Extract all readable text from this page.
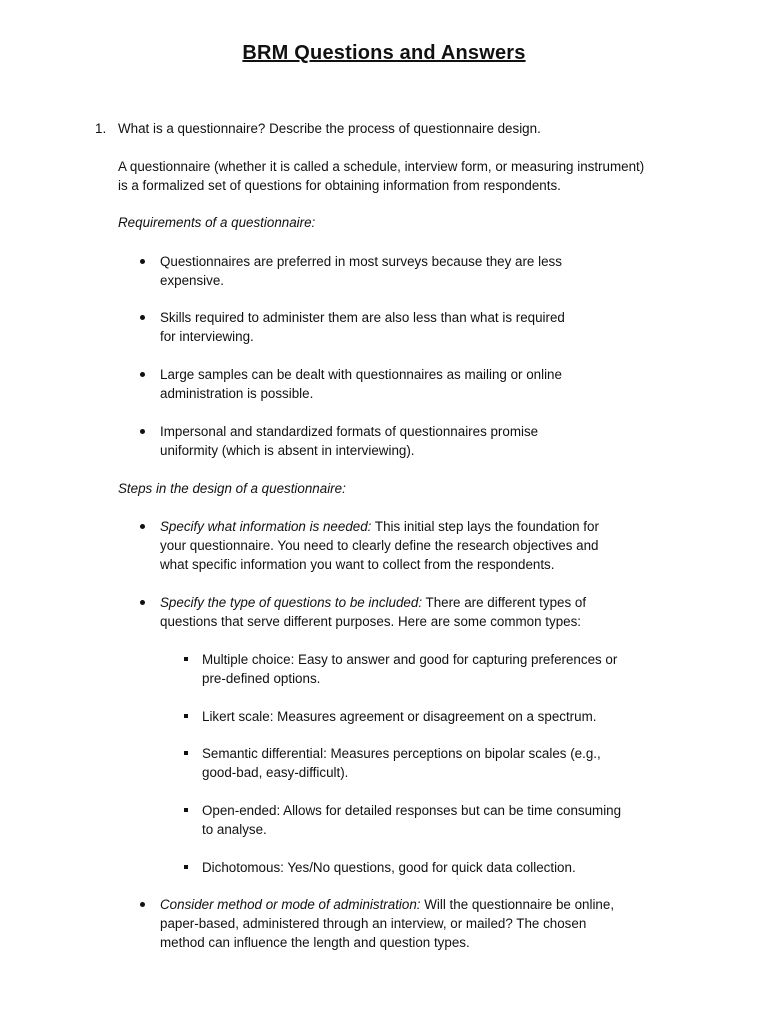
BRM Questions and Answers
1. What is a questionnaire? Describe the process of questionnaire design.

A questionnaire (whether it is called a schedule, interview form, or measuring instrument)
is a formalized set of questions for obtaining information from respondents.

Requirements of a questionnaire:

Questionnaires are preferred in most surveys because they are less
expensive.
Skills required to administer them are also less than what is required
for interviewing.
Large samples can be dealt with questionnaires as mailing or online
administration is possible.
Impersonal and standardized formats of questionnaires promise
uniformity (which is absent in interviewing).

Steps in the design of a questionnaire:

Specify what information is needed: This initial step lays the foundation for
your questionnaire. You need to clearly define the research objectives and
what specific information you want to collect from the respondents.
Specify the type of questions to be included: There are different types of
questions that serve different purposes. Here are some common types:
Multiple choice: Easy to answer and good for capturing preferences or
pre-defined options.
Likert scale: Measures agreement or disagreement on a spectrum.
Semantic differential: Measures perceptions on bipolar scales (e.g.,
good-bad, easy-difficult).
Open-ended: Allows for detailed responses but can be time consuming
to analyse.
Dichotomous: Yes/No questions, good for quick data collection.
Consider method or mode of administration: Will the questionnaire be online,
paper-based, administered through an interview, or mailed? The chosen
method can influence the length and question types.
